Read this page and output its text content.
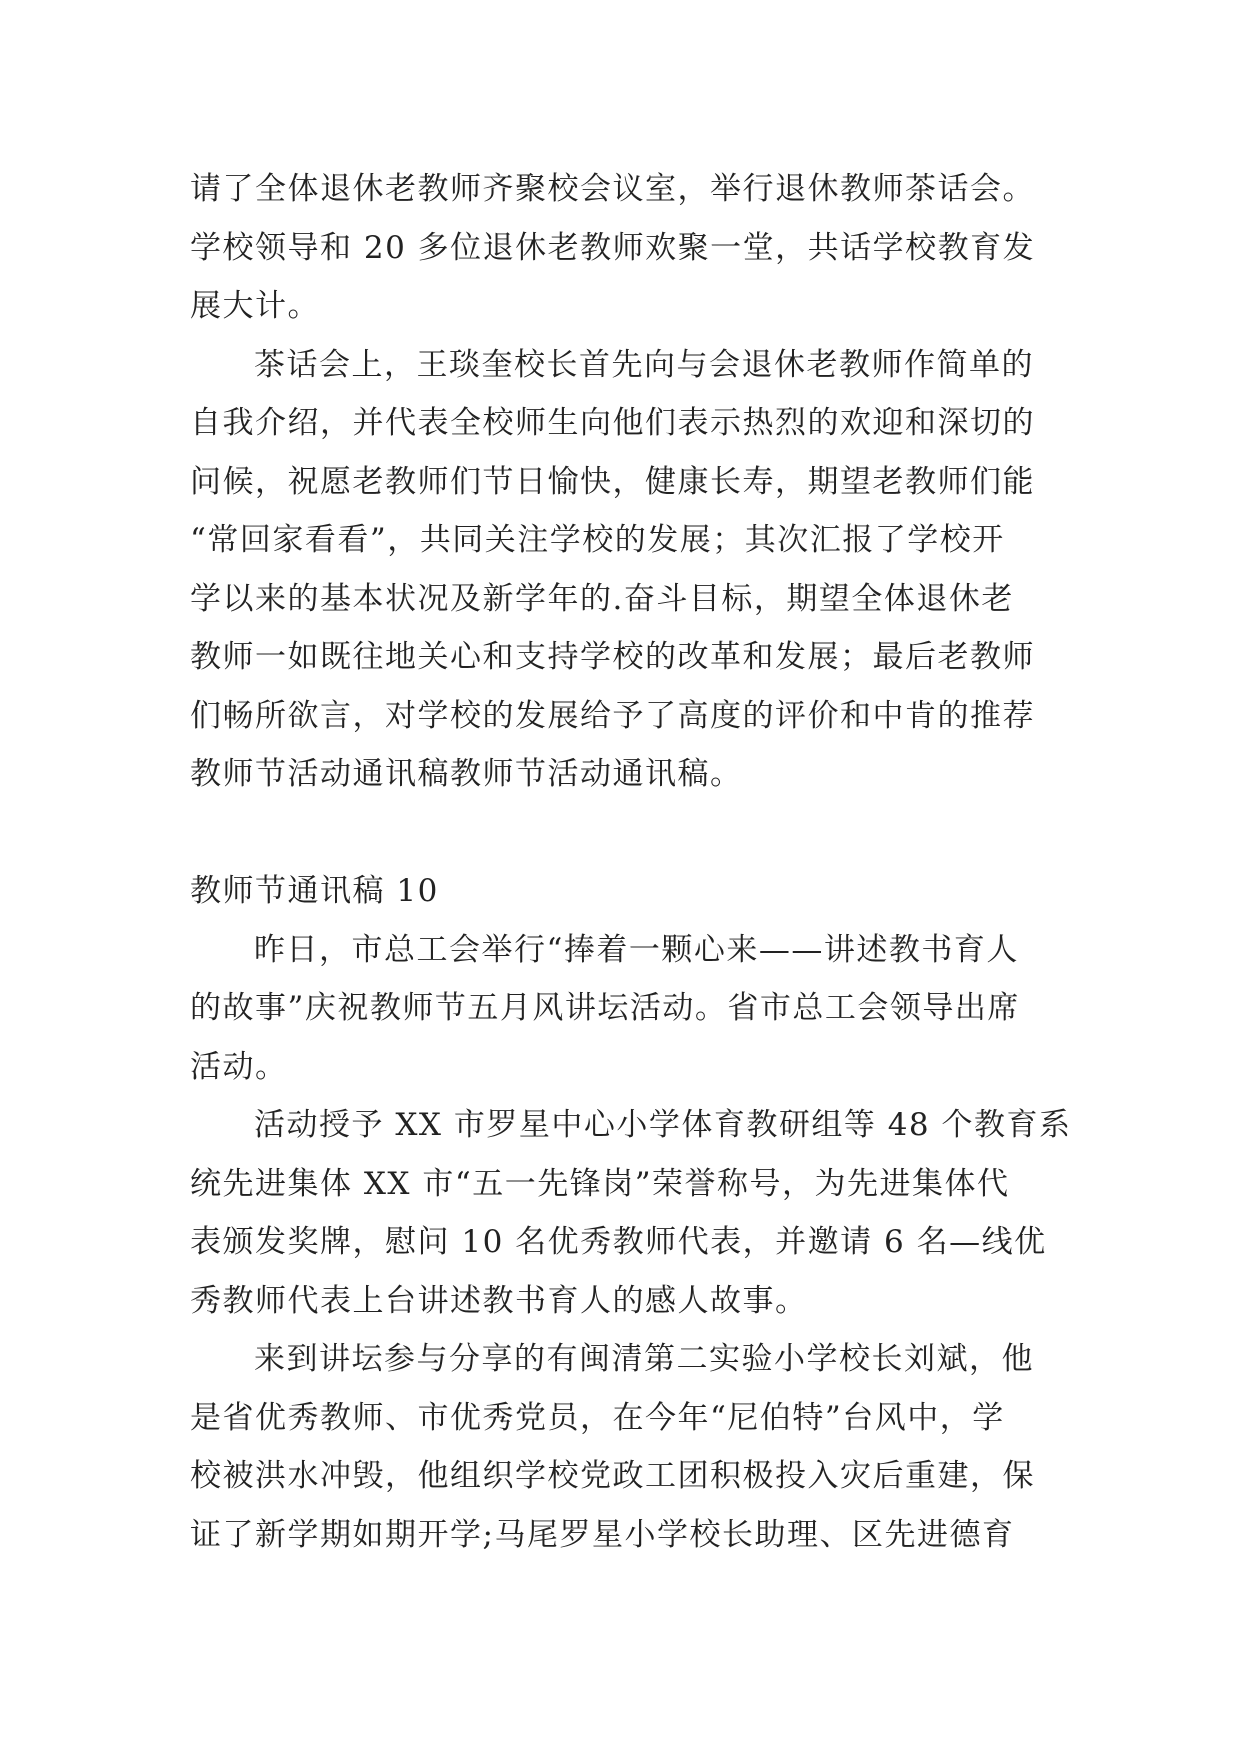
请了全体退休老教师齐聚校会议室，举行退休教师茶话会。

学校领导和 20 多位退休老教师欢聚一堂，共话学校教育发

展大计。

茶话会上，王琰奎校长首先向与会退休老教师作简单的

自我介绍，并代表全校师生向他们表示热烈的欢迎和深切的

问候，祝愿老教师们节日愉快，健康长寿，期望老教师们能

“常回家看看”，共同关注学校的发展；其次汇报了学校开

学以来的基本状况及新学年的.奋斗目标，期望全体退休老

教师一如既往地关心和支持学校的改革和发展；最后老教师

们畅所欲言，对学校的发展给予了高度的评价和中肯的推荐

教师节活动通讯稿教师节活动通讯稿。

教师节通讯稿 10

昨日，市总工会举行“捧着一颗心来——讲述教书育人

的故事”庆祝教师节五月风讲坛活动。省市总工会领导出席

活动。

活动授予 XX 市罗星中心小学体育教研组等 48 个教育系

统先进集体 XX 市“五一先锋岗”荣誉称号，为先进集体代

表颁发奖牌，慰问 10 名优秀教师代表，并邀请 6 名—线优

秀教师代表上台讲述教书育人的感人故事。

来到讲坛参与分享的有闽清第二实验小学校长刘斌，他

是省优秀教师、市优秀党员，在今年“尼伯特”台风中，学

校被洪水冲毁，他组织学校党政工团积极投入灾后重建，保

证了新学期如期开学;马尾罗星小学校长助理、区先进德育
